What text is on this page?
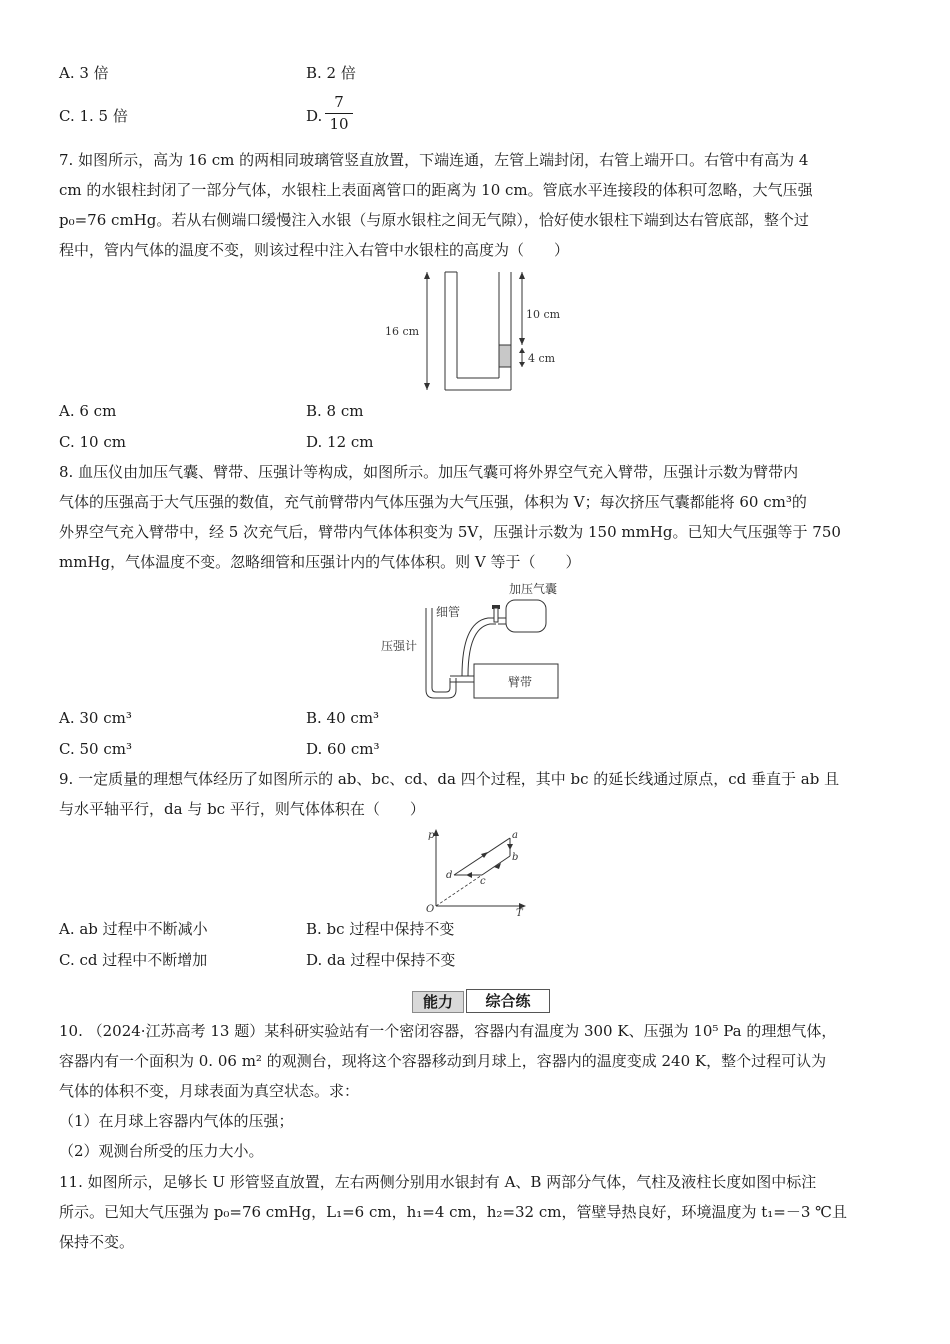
A. 3 倍	B. 2 倍
C. 1. 5 倍	D.
7
10
7. 如图所示，高为 16 cm 的两相同玻璃管竖直放置，下端连通，左管上端封闭，右管上端开口。右管中有高为 4
cm 的水银柱封闭了一部分气体，水银柱上表面离管口的距离为 10 cm。管底水平连接段的体积可忽略，大气压强
p₀=76 cmHg。若从右侧端口缓慢注入水银（与原水银柱之间无气隙），恰好使水银柱下端到达右管底部，整个过
程中，管内气体的温度不变，则该过程中注入右管中水银柱的高度为（　　）
16 cm
10 cm
4 cm
A. 6 cm	B. 8 cm
C. 10 cm	D. 12 cm
8. 血压仪由加压气囊、臂带、压强计等构成，如图所示。加压气囊可将外界空气充入臂带，压强计示数为臂带内
气体的压强高于大气压强的数值，充气前臂带内气体压强为大气压强，体积为 V；每次挤压气囊都能将 60 cm³的
外界空气充入臂带中，经 5 次充气后，臂带内气体体积变为 5V，压强计示数为 150 mmHg。已知大气压强等于 750
mmHg，气体温度不变。忽略细管和压强计内的气体体积。则 V 等于（　　）
臂带
加压气囊
细管
压强计
A. 30 cm³	B. 40 cm³
C. 50 cm³	D. 60 cm³
9. 一定质量的理想气体经历了如图所示的 ab、bc、cd、da 四个过程，其中 bc 的延长线通过原点，cd 垂直于 ab 且
与水平轴平行，da 与 bc 平行，则气体体积在（　　）
p
T
O
a
b
c
d
A. ab 过程中不断减小	B. bc 过程中保持不变
C. cd 过程中不断增加	D. da 过程中保持不变
能力	综合练
10. （2024·江苏高考 13 题）某科研实验站有一个密闭容器，容器内有温度为 300 K、压强为 10⁵ Pa 的理想气体，
容器内有一个面积为 0. 06 m² 的观测台，现将这个容器移动到月球上，容器内的温度变成 240 K，整个过程可认为
气体的体积不变，月球表面为真空状态。求：
（1）在月球上容器内气体的压强；
（2）观测台所受的压力大小。
11. 如图所示，足够长 U 形管竖直放置，左右两侧分别用水银封有 A、B 两部分气体，气柱及液柱长度如图中标注
所示。已知大气压强为 p₀=76 cmHg，L₁=6 cm，h₁=4 cm，h₂=32 cm，管壁导热良好，环境温度为 t₁=－3 ℃且
保持不变。
